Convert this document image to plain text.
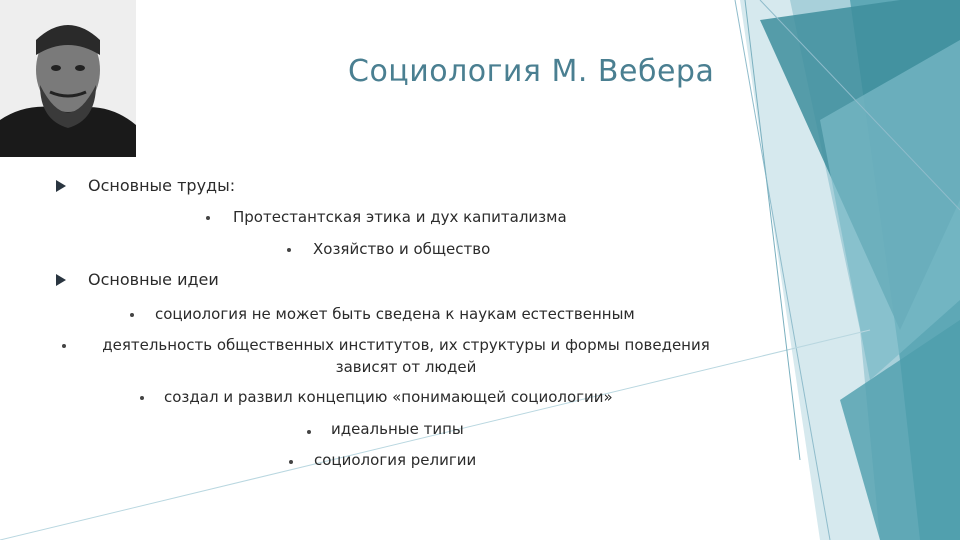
Социология М. Вебера
Основные труды:
Протестантская этика и дух капитализма
Хозяйство и общество
Основные идеи
социология не может быть сведена к наукам естественным
деятельность общественных институтов, их структуры и формы поведения зависят от людей
создал и развил концепцию «понимающей социологии»
идеальные типы
социология религии
